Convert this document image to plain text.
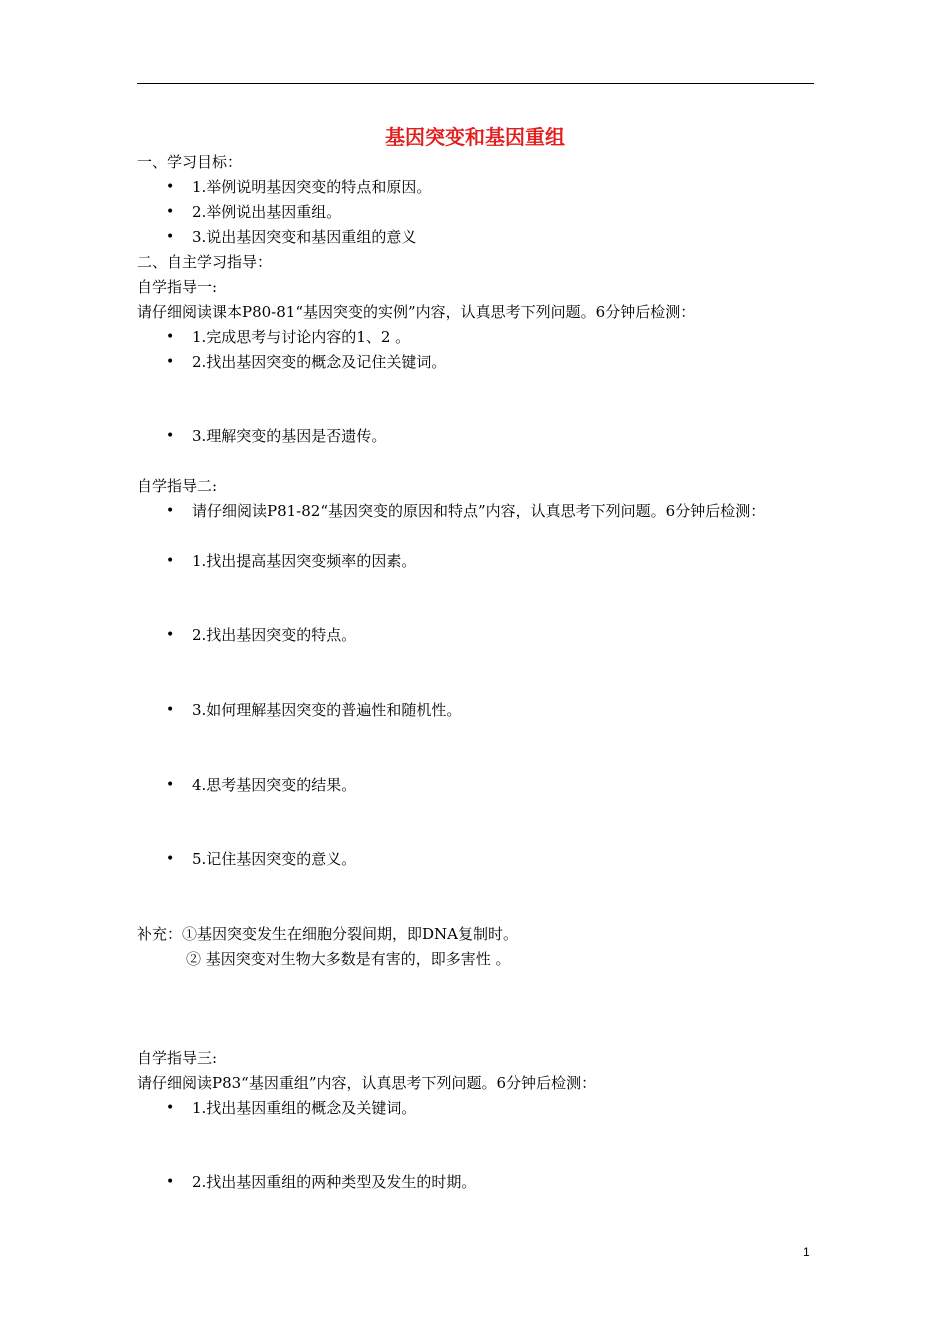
基因突变和基因重组
一、学习目标：
• 1.举例说明基因突变的特点和原因。
• 2.举例说出基因重组。
• 3.说出基因突变和基因重组的意义
二、自主学习指导：
自学指导一:
请仔细阅读课本P80-81“基因突变的实例”内容，认真思考下列问题。6分钟后检测：
• 1.完成思考与讨论内容的1、2 。
• 2.找出基因突变的概念及记住关键词。
• 3.理解突变的基因是否遗传。
自学指导二:
• 请仔细阅读P81-82“基因突变的原因和特点”内容，认真思考下列问题。6分钟后检测：
• 1.找出提高基因突变频率的因素。
• 2.找出基因突变的特点。
• 3.如何理解基因突变的普遍性和随机性。
• 4.思考基因突变的结果。
• 5.记住基因突变的意义。
补充：①基因突变发生在细胞分裂间期，即DNA复制时。
② 基因突变对生物大多数是有害的，即多害性 。
自学指导三:
请仔细阅读P83“基因重组”内容，认真思考下列问题。6分钟后检测：
• 1.找出基因重组的概念及关键词。
• 2.找出基因重组的两种类型及发生的时期。
1
